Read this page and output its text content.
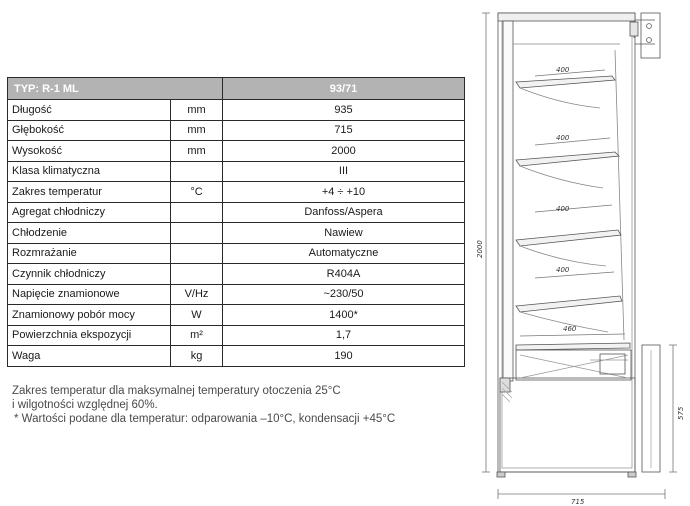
TYP: R-1 ML		93/71
Długość	mm	935
Głębokość	mm	715
Wysokość	mm	2000
Klasa klimatyczna		III
Zakres temperatur	°C	+4 ÷ +10
Agregat chłodniczy		Danfoss/Aspera
Chłodzenie		Nawiew
Rozmrażanie		Automatyczne
Czynnik chłodniczy		R404A
Napięcie znamionowe	V/Hz	~230/50
Znamionowy pobór mocy	W	1400*
Powierzchnia ekspozycji	m²	1,7
Waga	kg	190
Zakres temperatur dla maksymalnej temperatury otoczenia 25°C
i wilgotności względnej 60%.
* Wartości podane dla temperatur: odparowania –10°C, kondensacji +45°C
400
400
400
400
460
2000
575
715
